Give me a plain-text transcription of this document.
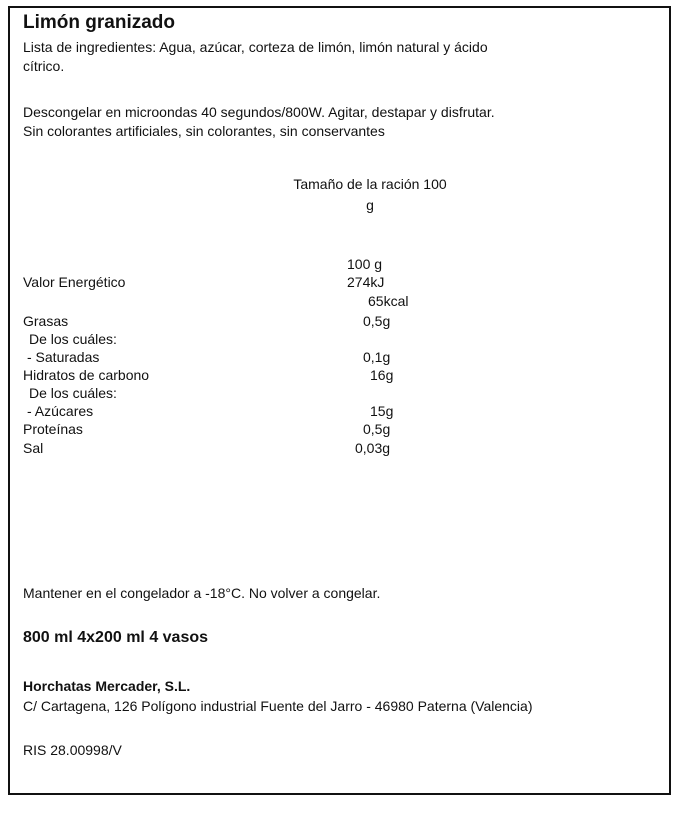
Limón granizado
Lista de ingredientes: Agua, azúcar, corteza de limón, limón natural y ácido
cítrico.
Descongelar en microondas 40 segundos/800W. Agitar, destapar y disfrutar.
Sin colorantes artificiales, sin colorantes, sin conservantes
Tamaño de la ración 100
g
100 g
Valor Energético	274kJ
65kcal
Grasas	0,5g
De los cuáles:
- Saturadas	0,1g
Hidratos de carbono	16g
De los cuáles:
- Azúcares	15g
Proteínas	0,5g
Sal	0,03g
Mantener en el congelador a -18°C. No volver a congelar.
800 ml 4x200 ml 4 vasos
Horchatas Mercader, S.L.
C/ Cartagena, 126 Polígono industrial Fuente del Jarro - 46980 Paterna (Valencia)
RIS 28.00998/V
